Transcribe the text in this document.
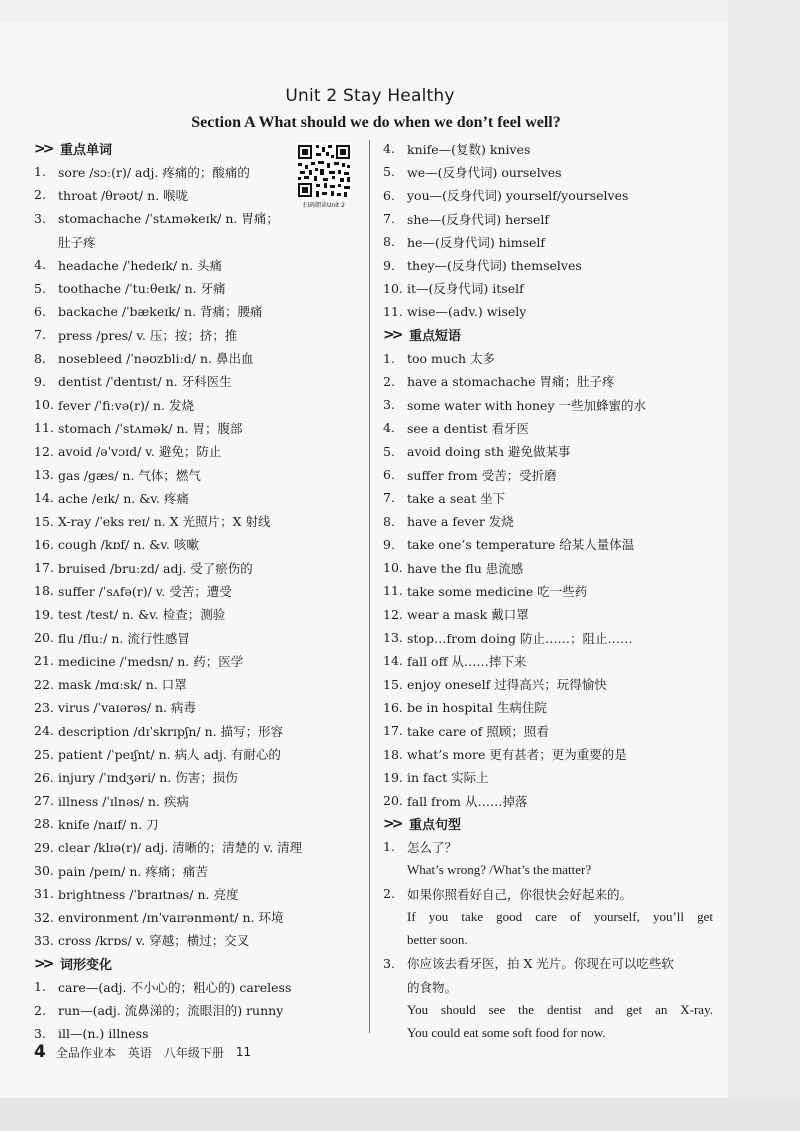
Unit 2 Stay Healthy
Section A What should we do when we don’t feel well?
扫码朗读Unit 2
>> 重点单词
1. sore /sɔː(r)/ adj. 疼痛的；酸痛的
2. throat /θrəʊt/ n. 喉咙
3. stomachache /ˈstʌməkeɪk/ n. 胃痛；
肚子疼
4. headache /ˈhedeɪk/ n. 头痛
5. toothache /ˈtuːθeɪk/ n. 牙痛
6. backache /ˈbækeɪk/ n. 背痛；腰痛
7. press /pres/ v. 压；按；挤；推
8. nosebleed /ˈnəʊzbliːd/ n. 鼻出血
9. dentist /ˈdentɪst/ n. 牙科医生
10. fever /ˈfiːvə(r)/ n. 发烧
11. stomach /ˈstʌmək/ n. 胃；腹部
12. avoid /əˈvɔɪd/ v. 避免；防止
13. gas /gæs/ n. 气体；燃气
14. ache /eɪk/ n. &v. 疼痛
15. X-ray /ˈeks reɪ/ n. X 光照片；X 射线
16. cough /kɒf/ n. &v. 咳嗽
17. bruised /bruːzd/ adj. 受了瘀伤的
18. suffer /ˈsʌfə(r)/ v. 受苦；遭受
19. test /test/ n. &v. 检查；测验
20. flu /fluː/ n. 流行性感冒
21. medicine /ˈmedsn/ n. 药；医学
22. mask /mɑːsk/ n. 口罩
23. virus /ˈvaɪərəs/ n. 病毒
24. description /dɪˈskrɪpʃn/ n. 描写；形容
25. patient /ˈpeɪʃnt/ n. 病人 adj. 有耐心的
26. injury /ˈɪndʒəri/ n. 伤害；损伤
27. illness /ˈɪlnəs/ n. 疾病
28. knife /naɪf/ n. 刀
29. clear /klɪə(r)/ adj. 清晰的；清楚的 v. 清理
30. pain /peɪn/ n. 疼痛；痛苦
31. brightness /ˈbraɪtnəs/ n. 亮度
32. environment /ɪnˈvaɪrənmənt/ n. 环境
33. cross /krɒs/ v. 穿越；横过；交叉
>> 词形变化
1. care—(adj. 不小心的；粗心的) careless
2. run—(adj. 流鼻涕的；流眼泪的) runny
3. ill—(n.) illness
4. knife—(复数) knives
5. we—(反身代词) ourselves
6. you—(反身代词) yourself/yourselves
7. she—(反身代词) herself
8. he—(反身代词) himself
9. they—(反身代词) themselves
10. it—(反身代词) itself
11. wise—(adv.) wisely
>> 重点短语
1. too much 太多
2. have a stomachache 胃痛；肚子疼
3. some water with honey 一些加蜂蜜的水
4. see a dentist 看牙医
5. avoid doing sth 避免做某事
6. suffer from 受苦；受折磨
7. take a seat 坐下
8. have a fever 发烧
9. take one’s temperature 给某人量体温
10. have the flu 患流感
11. take some medicine 吃一些药
12. wear a mask 戴口罩
13. stop…from doing 防止……；阻止……
14. fall off 从……摔下来
15. enjoy oneself 过得高兴；玩得愉快
16. be in hospital 生病住院
17. take care of 照顾；照看
18. what’s more 更有甚者；更为重要的是
19. in fact 实际上
20. fall from 从……掉落
>> 重点句型
1. 怎么了？
What’s wrong? /What’s the matter?
2. 如果你照看好自己，你很快会好起来的。
If you take good care of yourself, you’ll get
better soon.
3. 你应该去看牙医，拍 X 光片。你现在可以吃些软
的食物。
You should see the dentist and get an X-ray.
You could eat some soft food for now.
4 全品作业本 英语 八年级下册 11
